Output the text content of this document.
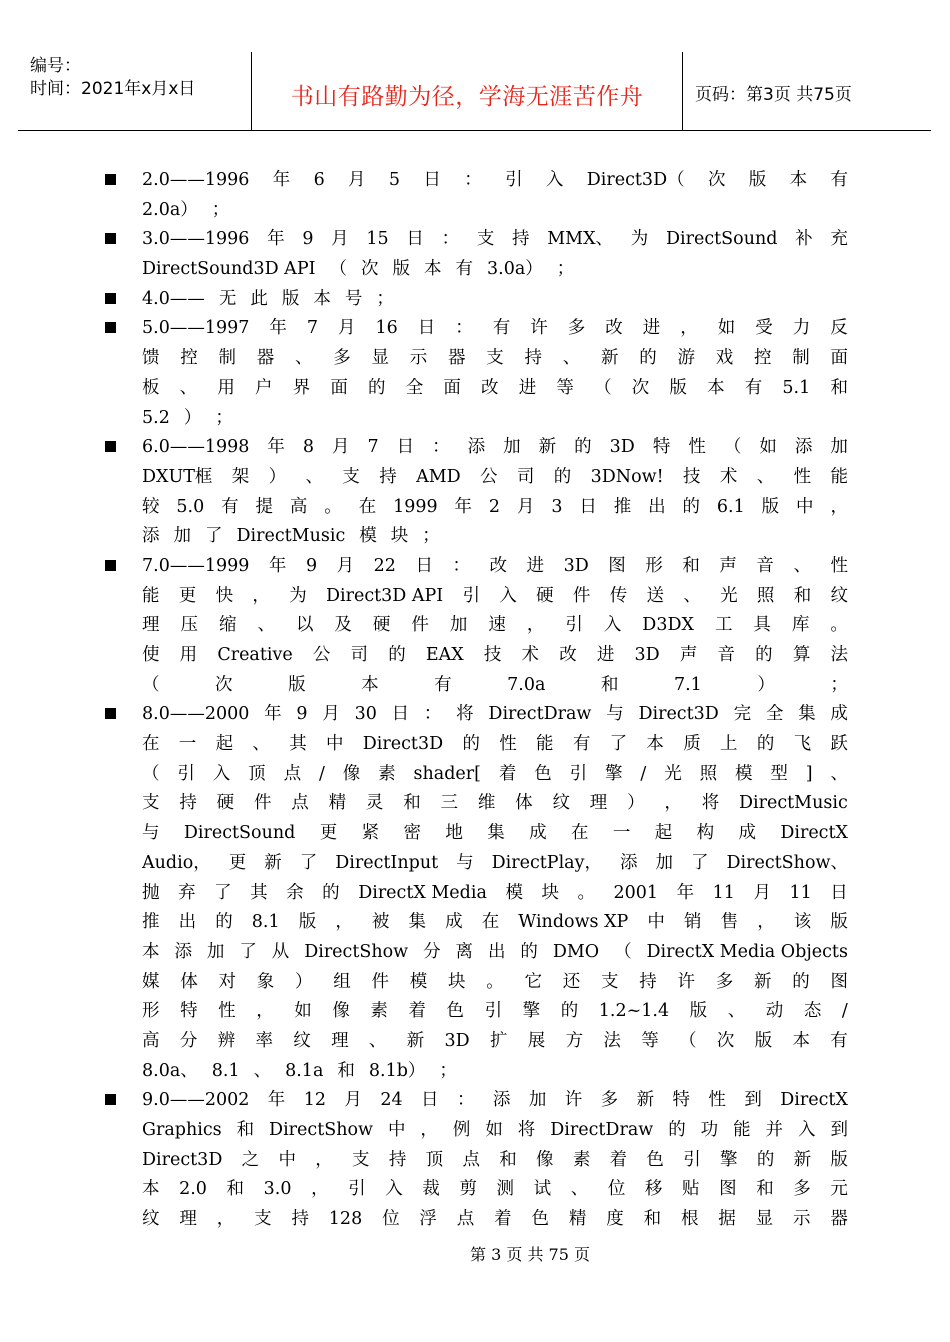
编号：
时间：2021年x月x日	书山有路勤为径，学海无涯苦作舟	页码：第3页 共75页
2.0——1996 年 6 月 5 日 ： 引 入 Direct3D（ 次 版 本 有
2.0a） ；
3.0——1996 年 9 月 15 日 ： 支 持 MMX、 为 DirectSound 补 充
DirectSound3D API （ 次 版 本 有 3.0a） ；
4.0—— 无 此 版 本 号 ；
5.0——1997 年 7 月 16 日 ： 有 许 多 改 进 ， 如 受 力 反
馈 控 制 器 、 多 显 示 器 支 持 、 新 的 游 戏 控 制 面
板 、 用 户 界 面 的 全 面 改 进 等 （ 次 版 本 有 5.1 和
5.2 ） ；
6.0——1998 年 8 月 7 日 ： 添 加 新 的 3D 特 性 （ 如 添 加
DXUT框 架 ） 、 支 持 AMD 公 司 的 3DNow! 技 术 、 性 能
较 5.0 有 提 高 。 在 1999 年 2 月 3 日 推 出 的 6.1 版 中 ，
添 加 了 DirectMusic 模 块 ；
7.0——1999 年 9 月 22 日 ： 改 进 3D 图 形 和 声 音 、 性
能 更 快 ， 为 Direct3D API 引 入 硬 件 传 送 、 光 照 和 纹
理 压 缩 、 以 及 硬 件 加 速 ， 引 入 D3DX 工 具 库 。
使 用 Creative 公 司 的 EAX 技 术 改 进 3D 声 音 的 算 法
（	次	版	本	有	7.0a	和	7.1	）	；
8.0——2000 年 9 月 30 日 ： 将 DirectDraw 与 Direct3D 完 全 集 成
在 一 起 、 其 中 Direct3D 的 性 能 有 了 本 质 上 的 飞 跃
（ 引 入 顶 点 / 像 素 shader[ 着 色 引 擎 / 光 照 模 型 ] 、
支 持 硬 件 点 精 灵 和 三 维 体 纹 理 ） ， 将 DirectMusic
与 DirectSound 更 紧 密 地 集 成 在 一 起 构 成 DirectX
Audio， 更 新 了 DirectInput 与 DirectPlay， 添 加 了 DirectShow、
抛 弃 了 其 余 的 DirectX Media 模 块 。 2001 年 11 月 11 日
推 出 的 8.1 版 ， 被 集 成 在 Windows XP 中 销 售 ， 该 版
本 添 加 了 从 DirectShow 分 离 出 的 DMO （ DirectX Media Objects
媒 体 对 象 ） 组 件 模 块 。 它 还 支 持 许 多 新 的 图
形 特 性 ， 如 像 素 着 色 引 擎 的 1.2~1.4 版 、 动 态 /
高 分 辨 率 纹 理 、 新 3D 扩 展 方 法 等 （ 次 版 本 有
8.0a、 8.1 、 8.1a 和 8.1b） ；
9.0——2002 年 12 月 24 日 ： 添 加 许 多 新 特 性 到 DirectX
Graphics 和 DirectShow 中 ， 例 如 将 DirectDraw 的 功 能 并 入 到
Direct3D 之 中 ， 支 持 顶 点 和 像 素 着 色 引 擎 的 新 版
本 2.0 和 3.0 ， 引 入 裁 剪 测 试 、 位 移 贴 图 和 多 元
纹 理 ， 支 持 128 位 浮 点 着 色 精 度 和 根 据 显 示 器
第 3 页 共 75 页
